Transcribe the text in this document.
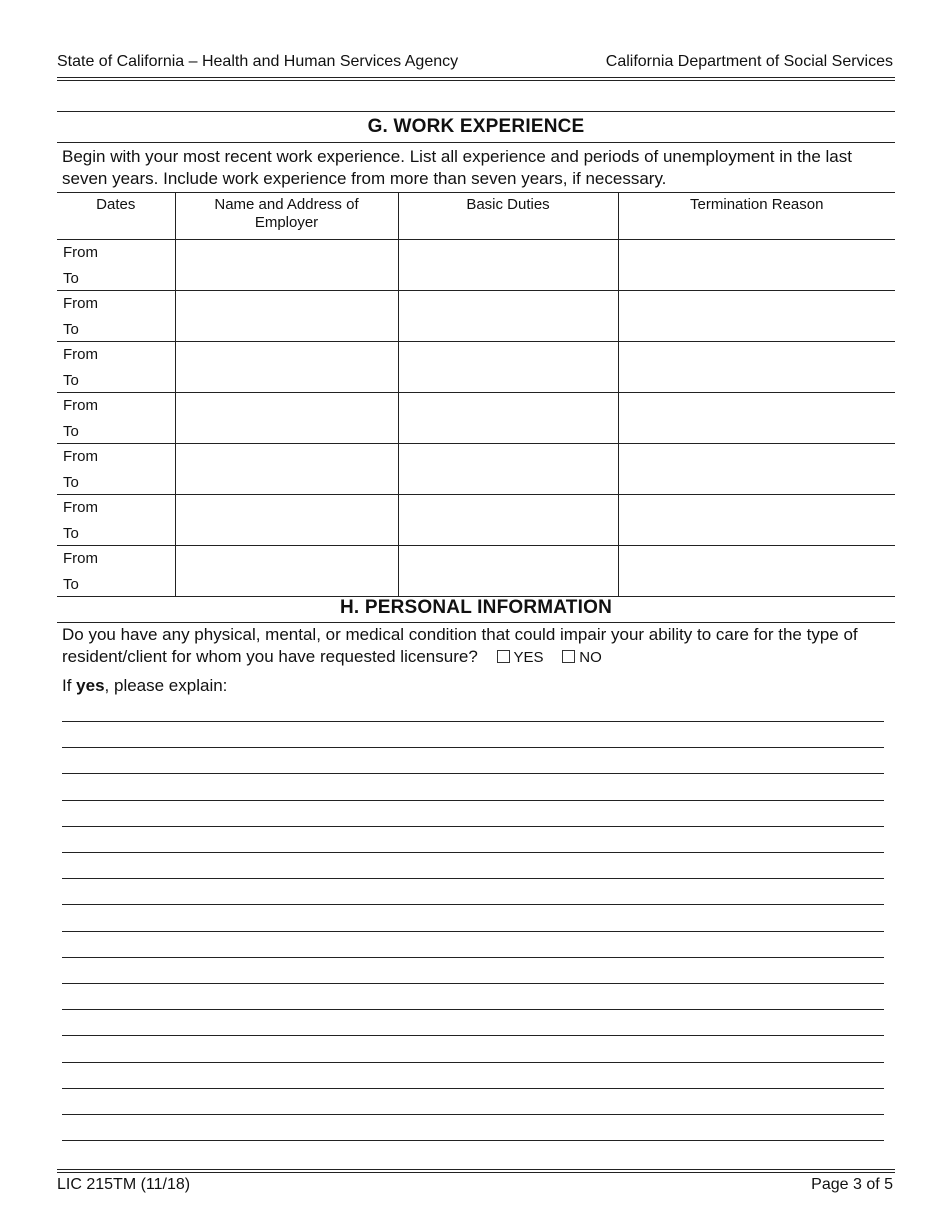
State of California – Health and Human Services Agency	California Department of Social Services
G. WORK EXPERIENCE
Begin with your most recent work experience. List all experience and periods of unemployment in the last seven years. Include work experience from more than seven years, if necessary.
Dates	Name and Address of Employer	Basic Duties	Termination Reason

From
To			

From
To			

From
To			

From
To			

From
To			

From
To			

From
To			

H. PERSONAL INFORMATION
Do you have any physical, mental, or medical condition that could impair your ability to care for the type of resident/client for whom you have requested licensure? YES NO
If yes, please explain:
LIC 215TM (11/18)	Page 3 of 5
